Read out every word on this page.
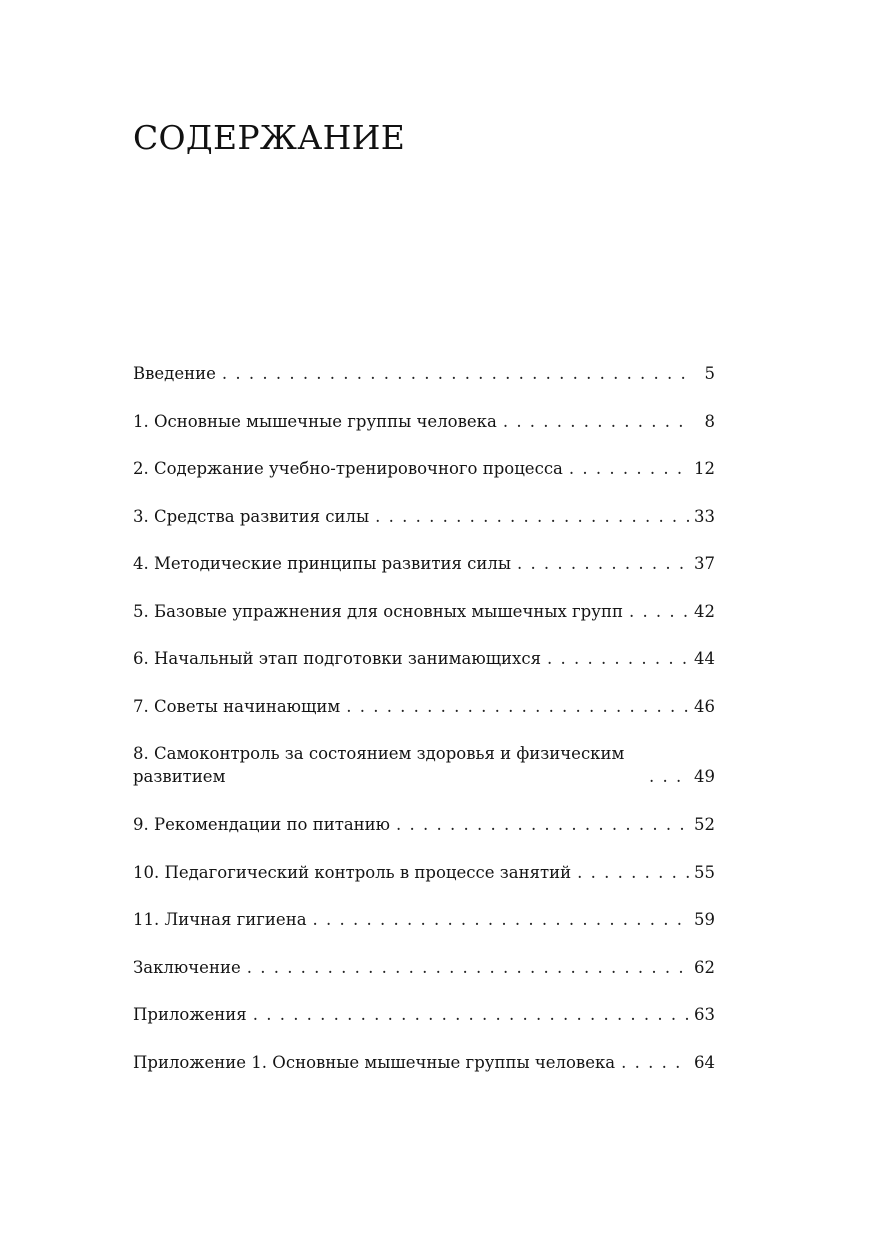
СОДЕРЖАНИЕ
Введение . . .	5
1. Основные мышечные группы человека . . .	8
2. Содержание учебно-тренировочного процесса . . .	12
3. Средства развития силы . . .	33
4. Методические принципы развития силы . . .	37
5. Базовые упражнения для основных мышечных групп . . .	42
6. Начальный этап подготовки занимающихся . . .	44
7. Советы начинающим . . .	46
8. Самоконтроль за состоянием здоровья и физическим развитием . . .	49
9. Рекомендации по питанию . . .	52
10. Педагогический контроль в процессе занятий . . .	55
11. Личная гигиена . . .	59
Заключение . . .	62
Приложения . . .	63
Приложение 1. Основные мышечные группы человека . . .	64
